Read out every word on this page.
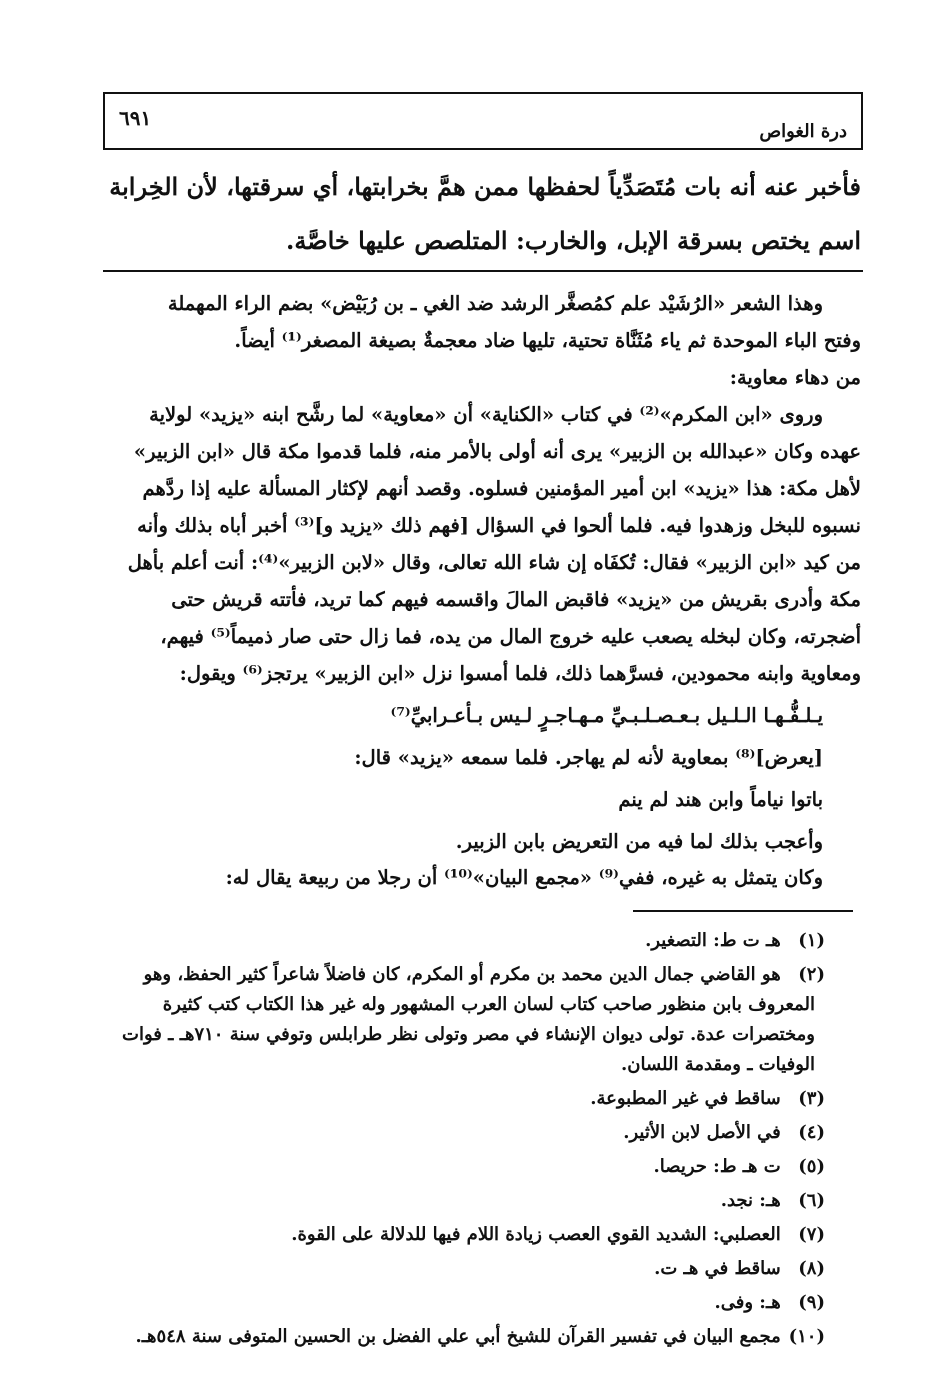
درة الغواص
٦٩١
فأخبر عنه أنه بات مُتَصَدِّياً لحفظها ممن همَّ بخرابتها، أي سرقتها، لأن الخِرابة
اسم يختص بسرقة الإبل، والخارب: المتلصص عليها خاصَّة.
وهذا الشعر «الرُشَيْد علم كمُصغَّر الرشد ضد الغي ـ بن رُبَيْض» بضم الراء المهملة
وفتح الباء الموحدة ثم ياء مُثَنَّاة تحتية، تليها ضاد معجمةٌ بصيغة المصغر⁽¹⁾ أيضاً.
من دهاء معاوية:
وروى «ابن المكرم»⁽²⁾ في كتاب «الكناية» أن «معاوية» لما رشَّح ابنه «يزيد» لولاية
عهده وكان «عبدالله بن الزبير» يرى أنه أولى بالأمر منه، فلما قدموا مكة قال «ابن الزبير»
لأهل مكة: هذا «يزيد» ابن أمير المؤمنين فسلوه. وقصد أنهم لإكثار المسألة عليه إذا ردَّهم
نسبوه للبخل وزهدوا فيه. فلما ألحوا في السؤال [فهم ذلك «يزيد و]⁽³⁾ أخبر أباه بذلك وأنه
من كيد «ابن الزبير» فقال: تُكفَاه إن شاء الله تعالى، وقال «لابن الزبير»⁽⁴⁾: أنت أعلم بأهل
مكة وأدرى بقريش من «يزيد» فاقبض المالَ واقسمه فيهم كما تريد، فأتته قريش حتى
أضجرته، وكان لبخله يصعب عليه خروج المال من يده، فما زال حتى صار ذميماً⁽⁵⁾ فيهم،
ومعاوية وابنه محمودين، فسرَّهما ذلك، فلما أمسوا نزل «ابن الزبير» يرتجز⁽⁶⁾ ويقول:
يـلـفُّـهـا الـلـيل بـعـصـلـبـيِّ مـهـاجـرٍ لـيس بـأعـرابيِّ⁽⁷⁾
[يعرض]⁽⁸⁾ بمعاوية لأنه لم يهاجر. فلما سمعه «يزيد» قال:
باتوا نياماً وابن هند لم ينم
وأعجب بذلك لما فيه من التعريض بابن الزبير.
وكان يتمثل به غيره، ففي⁽⁹⁾ «مجمع البيان»⁽¹⁰⁾ أن رجلا من ربيعة يقال له:
(١) هـ ت ط: التصغير.
(٢) هو القاضي جمال الدين محمد بن مكرم أو المكرم، كان فاضلاً شاعراً كثير الحفظ، وهو
المعروف بابن منظور صاحب كتاب لسان العرب المشهور وله غير هذا الكتاب كتب كثيرة
ومختصرات عدة. تولى ديوان الإنشاء في مصر وتولى نظر طرابلس وتوفي سنة ٧١٠هـ ـ فوات
الوفيات ـ ومقدمة اللسان.
(٣) ساقط في غير المطبوعة.
(٤) في الأصل لابن الأثير.
(٥) ت هـ ط: حريصا.
(٦) هـ: نجد.
(٧) العصلبي: الشديد القوي العصب زيادة اللام فيها للدلالة على القوة.
(٨) ساقط في هـ ت.
(٩) هـ: وفى.
(١٠) مجمع البيان في تفسير القرآن للشيخ أبي علي الفضل بن الحسين المتوفى سنة ٥٤٨هـ.
